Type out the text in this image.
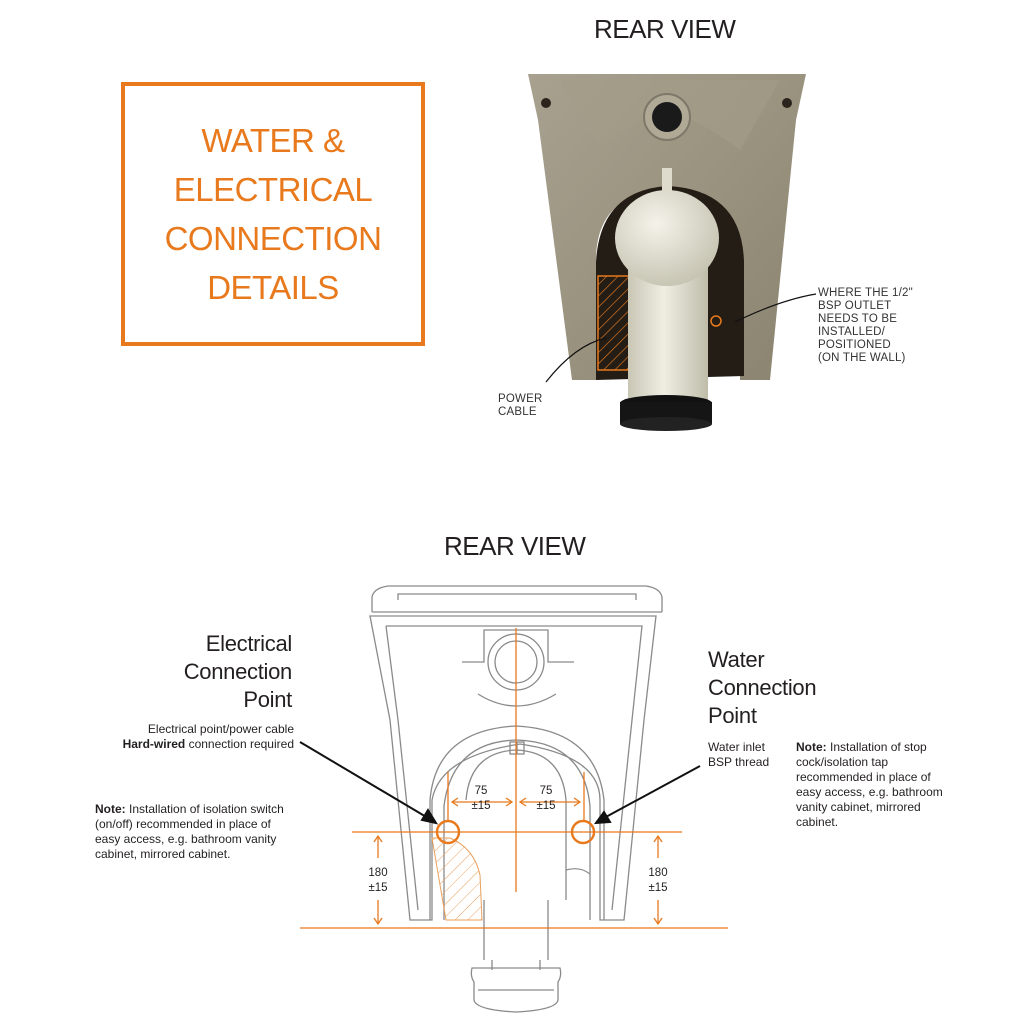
WATER &
ELECTRICAL
CONNECTION
DETAILS
REAR VIEW
POWER
CABLE
WHERE THE 1/2"
BSP OUTLET
NEEDS TO BE
INSTALLED/
POSITIONED
(ON THE WALL)
REAR VIEW
Electrical
Connection
Point
Electrical point/power cable
Hard-wired connection required
Note: Installation of isolation switch (on/off) recommended in place of easy access, e.g. bathroom vanity cabinet, mirrored cabinet.
Water
Connection
Point
Water inlet
BSP thread
Note: Installation of stop cock/isolation tap recommended in place of easy access, e.g. bathroom vanity cabinet, mirrored cabinet.
75
±15
75
±15
180
±15
180
±15
